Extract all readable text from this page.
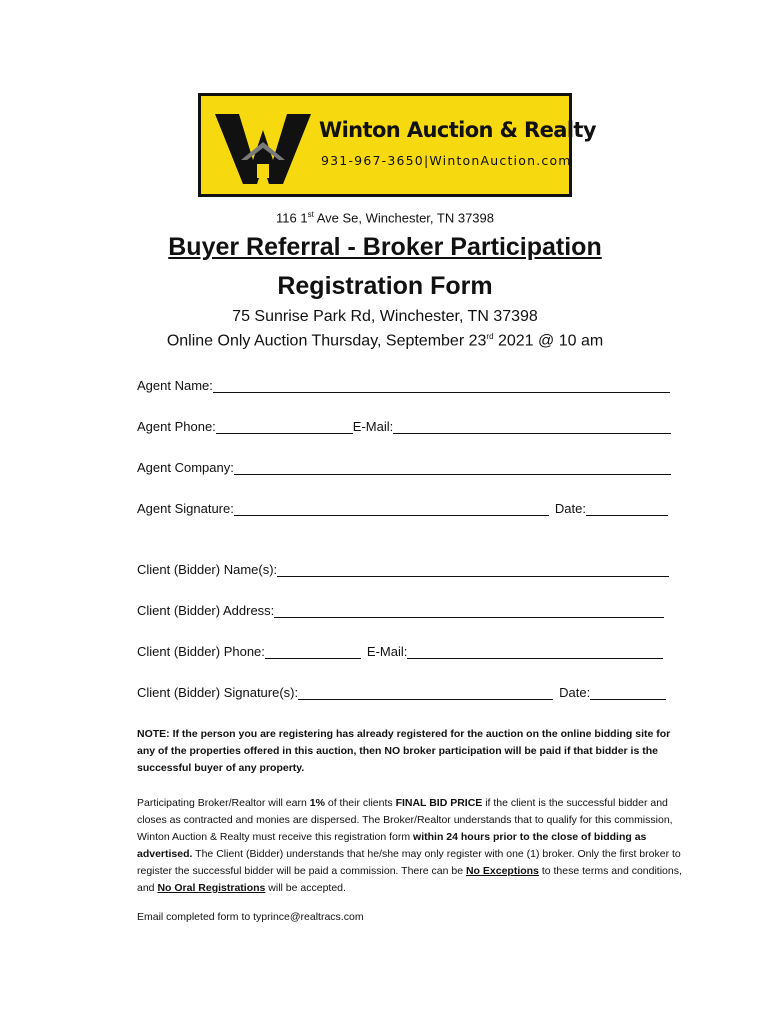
Winton Auction & Realty
931-967-3650|WintonAuction.com
116 1st Ave Se, Winchester, TN 37398
Buyer Referral - Broker Participation
Registration Form
75 Sunrise Park Rd, Winchester, TN 37398
Online Only Auction Thursday, September 23rd 2021 @ 10 am
Agent Name:
Agent Phone:	E-Mail:
Agent Company:
Agent Signature:	Date:
Client (Bidder) Name(s):
Client (Bidder) Address:
Client (Bidder) Phone:	E-Mail:
Client (Bidder) Signature(s):	Date:
NOTE: If the person you are registering has already registered for the auction on the online bidding site for any of the properties offered in this auction, then NO broker participation will be paid if that bidder is the successful buyer of any property.
Participating Broker/Realtor will earn 1% of their clients FINAL BID PRICE if the client is the successful bidder and closes as contracted and monies are dispersed. The Broker/Realtor understands that to qualify for this commission, Winton Auction & Realty must receive this registration form within 24 hours prior to the close of bidding as advertised. The Client (Bidder) understands that he/she may only register with one (1) broker. Only the first broker to register the successful bidder will be paid a commission. There can be No Exceptions to these terms and conditions, and No Oral Registrations will be accepted.
Email completed form to typrince@realtracs.com
